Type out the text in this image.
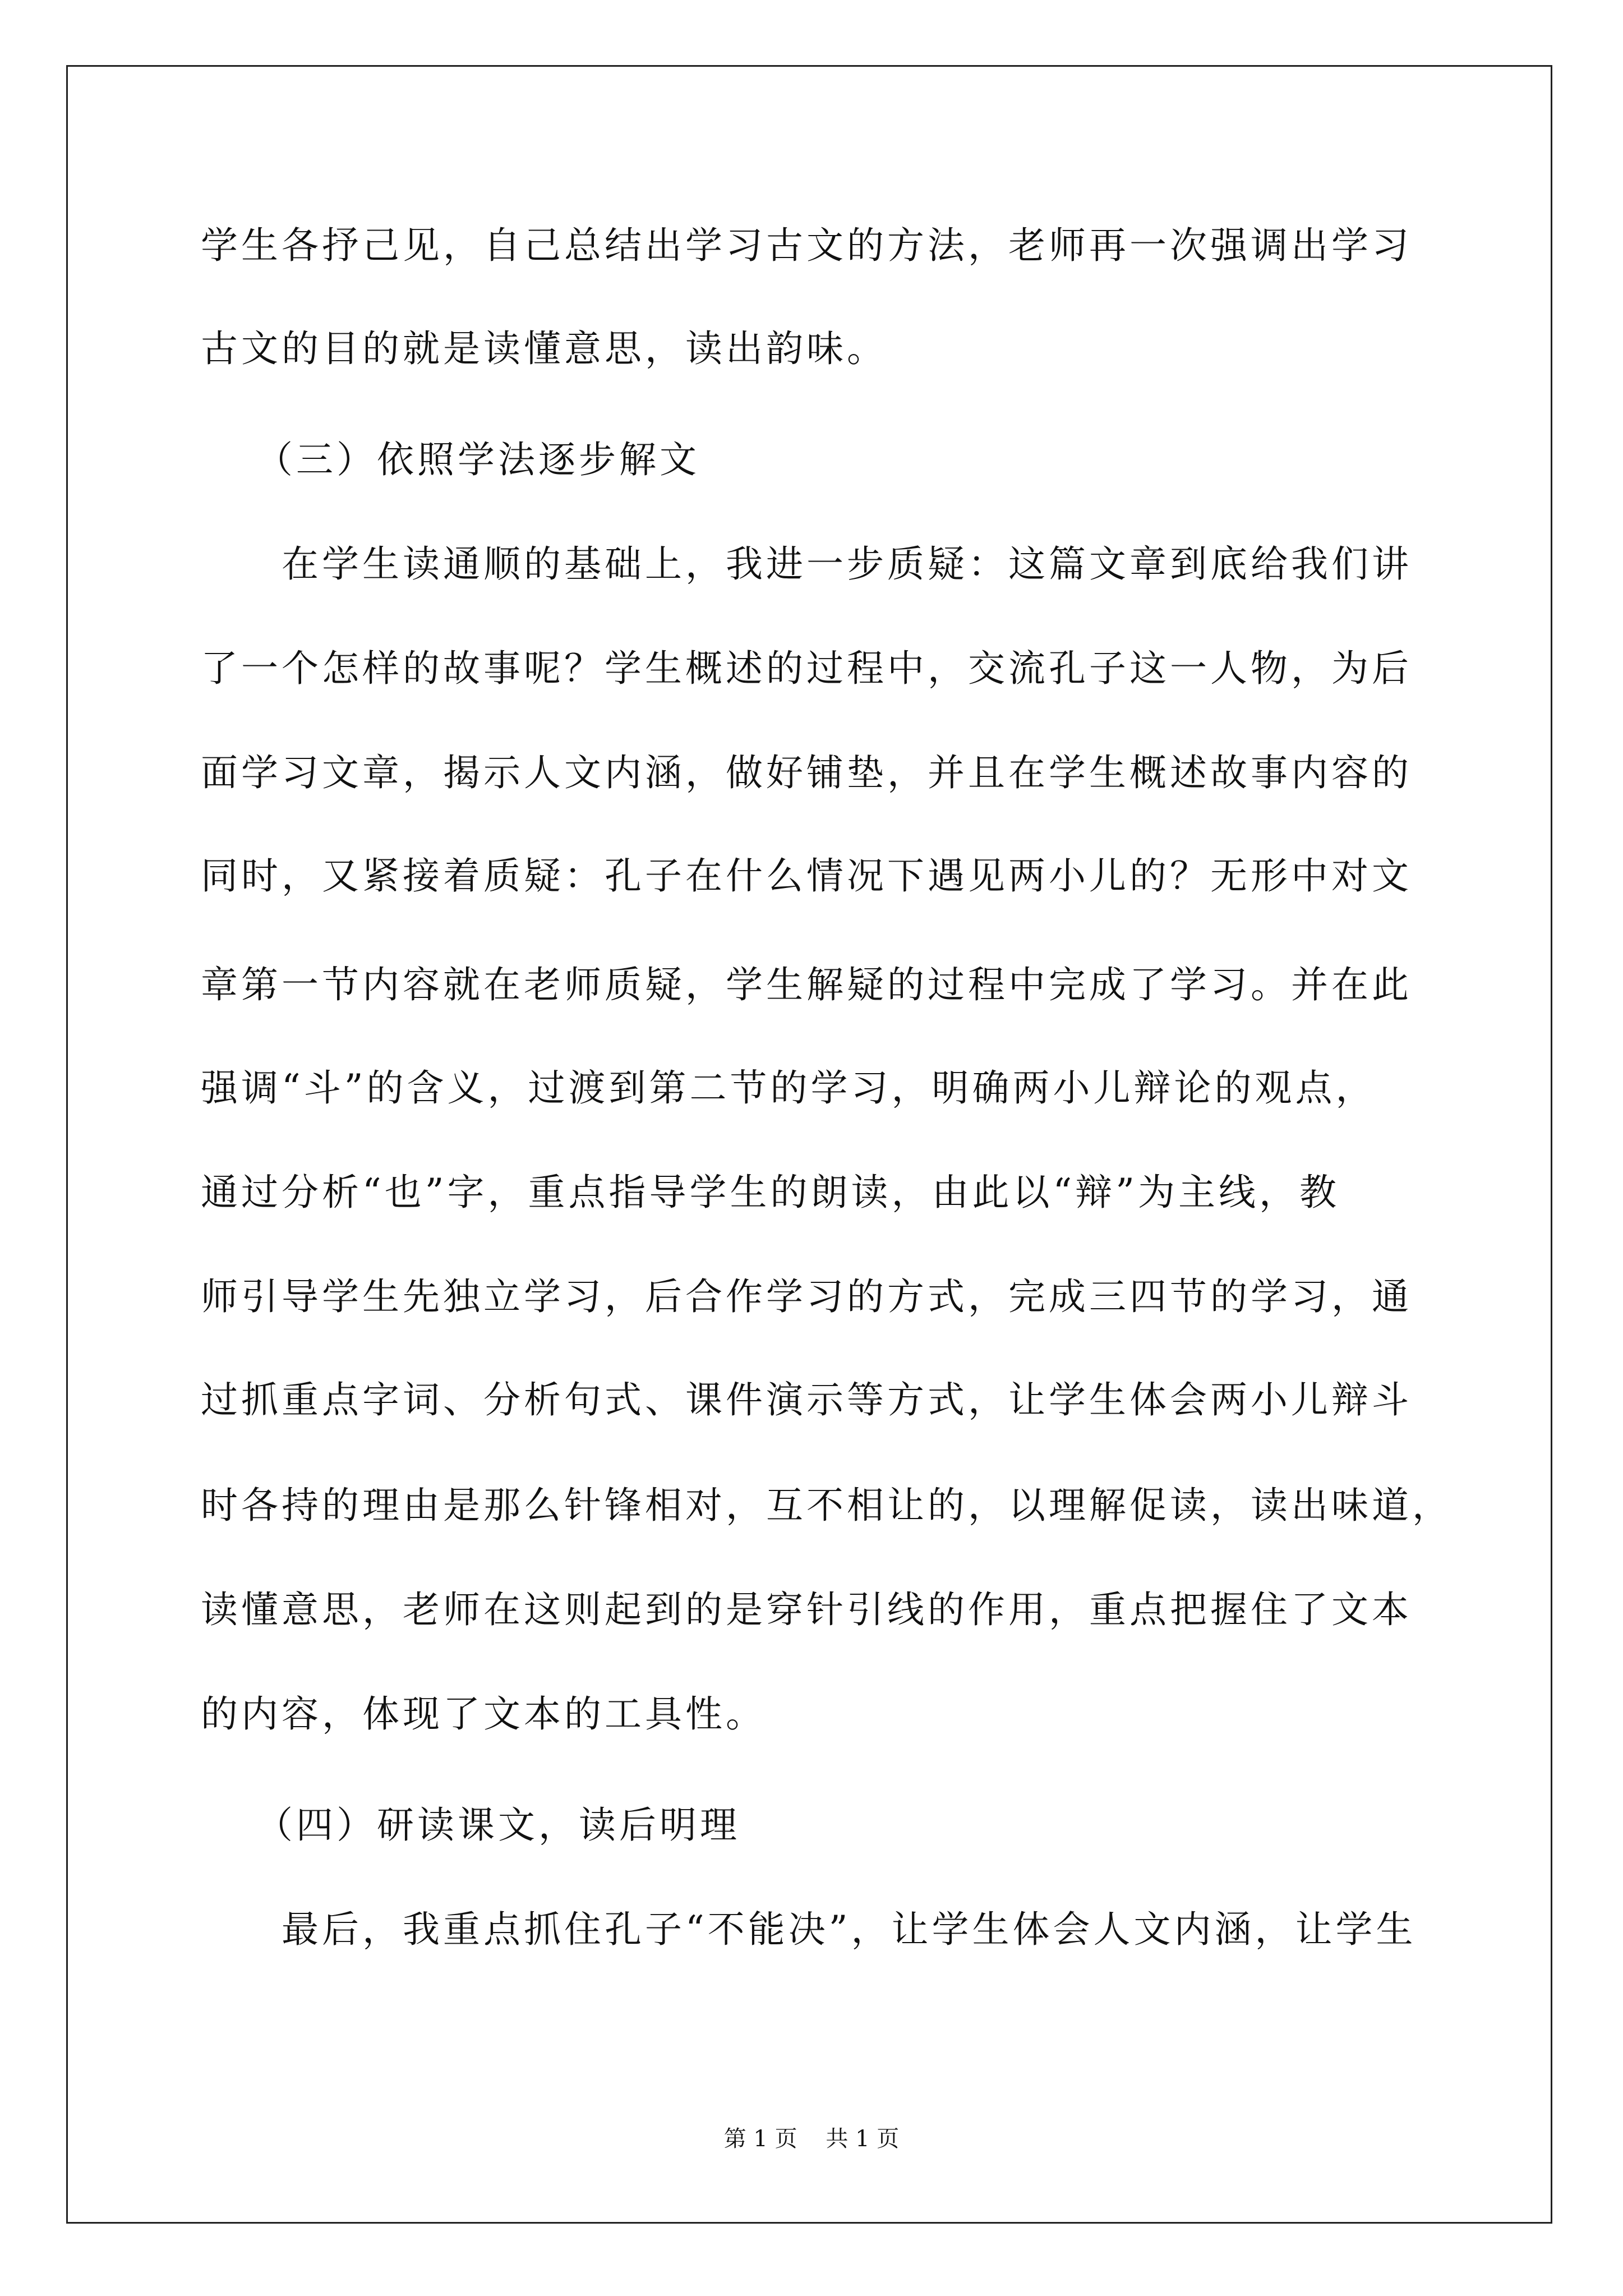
学生各抒己见，自己总结出学习古文的方法，老师再一次强调出学习
古文的目的就是读懂意思，读出韵味。
（三）依照学法逐步解文
在学生读通顺的基础上，我进一步质疑：这篇文章到底给我们讲
了一个怎样的故事呢？学生概述的过程中，交流孔子这一人物，为后
面学习文章，揭示人文内涵，做好铺垫，并且在学生概述故事内容的
同时，又紧接着质疑：孔子在什么情况下遇见两小儿的？无形中对文
章第一节内容就在老师质疑，学生解疑的过程中完成了学习。并在此
强调“斗”的含义，过渡到第二节的学习，明确两小儿辩论的观点，
通过分析“也”字，重点指导学生的朗读，由此以“辩”为主线，教
师引导学生先独立学习，后合作学习的方式，完成三四节的学习，通
过抓重点字词、分析句式、课件演示等方式，让学生体会两小儿辩斗
时各持的理由是那么针锋相对，互不相让的，以理解促读，读出味道，
读懂意思，老师在这则起到的是穿针引线的作用，重点把握住了文本
的内容，体现了文本的工具性。
（四）研读课文，读后明理
最后，我重点抓住孔子“不能决”，让学生体会人文内涵，让学生
第 1 页    共 1 页
